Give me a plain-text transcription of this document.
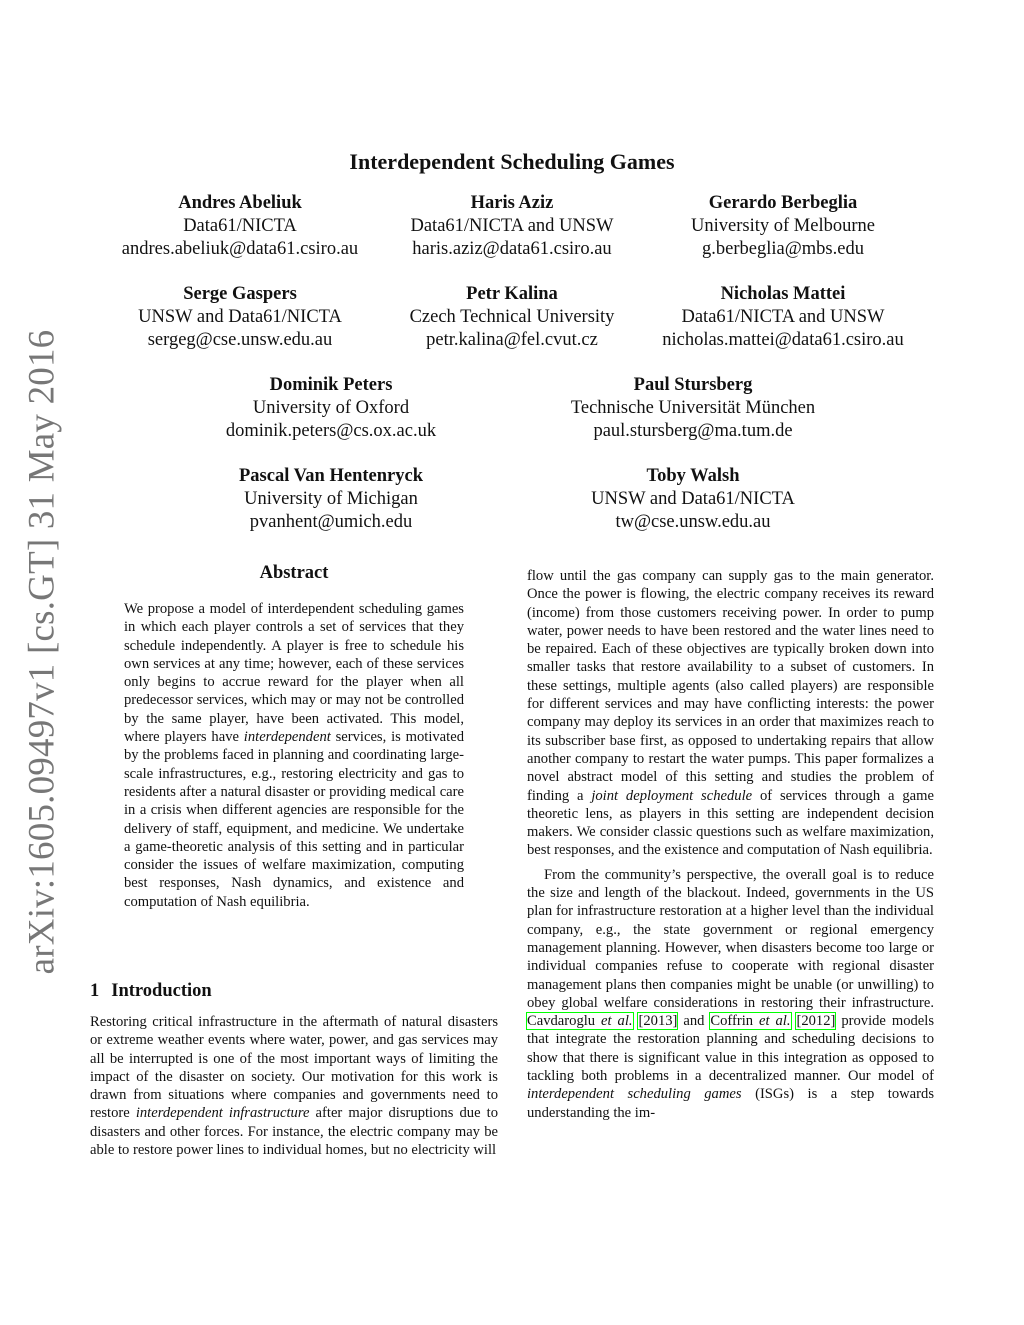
arXiv:1605.09497v1 [cs.GT] 31 May 2016
Interdependent Scheduling Games
Andres Abeliuk
Data61/NICTA
andres.abeliuk@data61.csiro.au
Haris Aziz
Data61/NICTA and UNSW
haris.aziz@data61.csiro.au
Gerardo Berbeglia
University of Melbourne
g.berbeglia@mbs.edu
Serge Gaspers
UNSW and Data61/NICTA
sergeg@cse.unsw.edu.au
Petr Kalina
Czech Technical University
petr.kalina@fel.cvut.cz
Nicholas Mattei
Data61/NICTA and UNSW
nicholas.mattei@data61.csiro.au
Dominik Peters
University of Oxford
dominik.peters@cs.ox.ac.uk
Paul Stursberg
Technische Universität München
paul.stursberg@ma.tum.de
Pascal Van Hentenryck
University of Michigan
pvanhent@umich.edu
Toby Walsh
UNSW and Data61/NICTA
tw@cse.unsw.edu.au
Abstract
We propose a model of interdependent scheduling games in which each player controls a set of services that they schedule independently. A player is free to schedule his own services at any time; however, each of these services only begins to accrue reward for the player when all predecessor services, which may or may not be controlled by the same player, have been activated. This model, where players have interdependent services, is motivated by the problems faced in planning and coordinating large-scale infrastructures, e.g., restoring electricity and gas to residents after a natural disaster or providing medical care in a crisis when different agencies are responsible for the delivery of staff, equipment, and medicine. We undertake a game-theoretic analysis of this setting and in particular consider the issues of welfare maximization, computing best responses, Nash dynamics, and existence and computation of Nash equilibria.
1 Introduction
Restoring critical infrastructure in the aftermath of natural disasters or extreme weather events where water, power, and gas services may all be interrupted is one of the most important ways of limiting the impact of the disaster on society. Our motivation for this work is drawn from situations where companies and governments need to restore interdependent infrastructure after major disruptions due to disasters and other forces. For instance, the electric company may be able to restore power lines to individual homes, but no electricity will

flow until the gas company can supply gas to the main generator. Once the power is flowing, the electric company receives its reward (income) from those customers receiving power. In order to pump water, power needs to have been restored and the water lines need to be repaired. Each of these objectives are typically broken down into smaller tasks that restore availability to a subset of customers. In these settings, multiple agents (also called players) are responsible for different services and may have conflicting interests: the power company may deploy its services in an order that maximizes reach to its subscriber base first, as opposed to undertaking repairs that allow another company to restart the water pumps. This paper formalizes a novel abstract model of this setting and studies the problem of finding a joint deployment schedule of services through a game theoretic lens, as players in this setting are independent decision makers. We consider classic questions such as welfare maximization, best responses, and the existence and computation of Nash equilibria.

From the community’s perspective, the overall goal is to reduce the size and length of the blackout. Indeed, governments in the US plan for infrastructure restoration at a higher level than the individual company, e.g., the state government or regional emergency management planning. However, when disasters become too large or individual companies refuse to cooperate with regional disaster management plans then companies might be unable (or unwilling) to obey global welfare considerations in restoring their infrastructure. Cavdaroglu et al. [2013] and Coffrin et al. [2012] provide models that integrate the restoration planning and scheduling decisions to show that there is significant value in this integration as opposed to tackling both problems in a decentralized manner. Our model of interdependent scheduling games (ISGs) is a step towards understanding the im-
